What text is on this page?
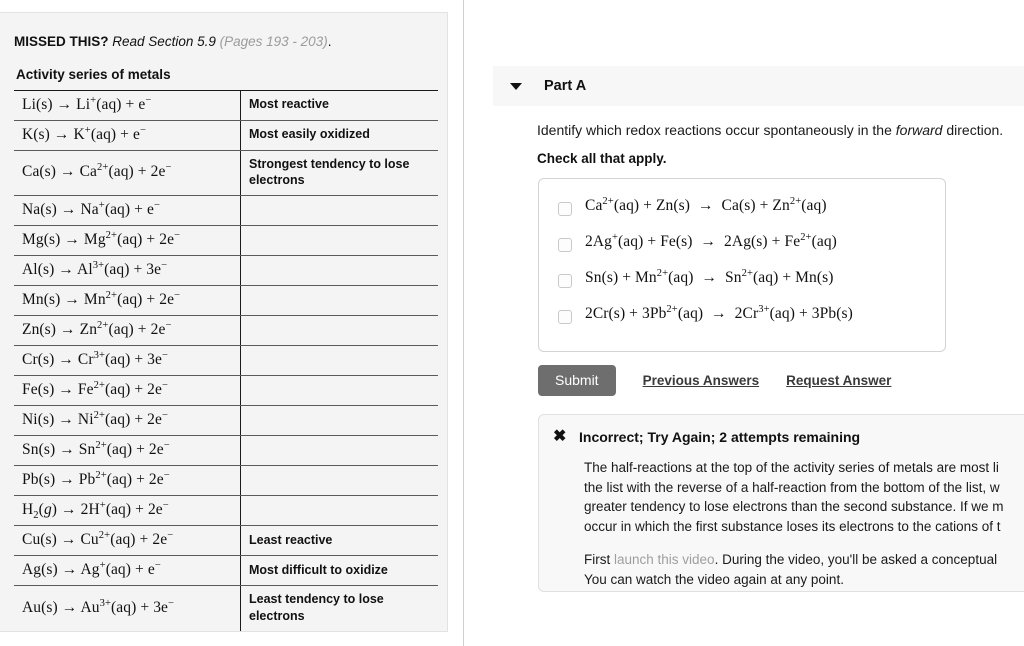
MISSED THIS? Read Section 5.9 (Pages 193 - 203).
Activity series of metals
Li(s) → Li+(aq) + e−	Most reactive
K(s) → K+(aq) + e−	Most easily oxidized
$Ca(s) \to Ca^{2+}(aq) + 2e^-$	Strongest tendency to lose electrons
Na(s) → Na+(aq) + e−	
$Mg(s) \to Mg^{2+}(aq) + 2e^-$	
$Al(s) \to Al^{3+}(aq) + 3e^-$	
$Mn(s) \to Mn^{2+}(aq) + 2e^-$	
$Zn(s) \to Zn^{2+}(aq) + 2e^-$	
$Cr(s) \to Cr^{3+}(aq) + 3e^-$	
$Fe(s) \to Fe^{2+}(aq) + 2e^-$	
$Ni(s) \to Ni^{2+}(aq) + 2e^-$	
$Sn(s) \to Sn^{2+}(aq) + 2e^-$	
$Pb(s) \to Pb^{2+}(aq) + 2e^-$	
$H_2(g) \to 2H^+(aq) + 2e^-$	
$Cu(s) \to Cu^{2+}(aq) + 2e^-$	Least reactive
Ag(s) → Ag+(aq) + e−	Most difficult to oxidize
$Au(s) \to Au^{3+}(aq) + 3e^-$	Least tendency to lose electrons
Part A
Identify which redox reactions occur spontaneously in the forward direction.
Check all that apply.
$Ca^{2+}(aq) + Zn(s) \to Ca(s) + Zn^{2+}(aq)$
$2Ag^+(aq) + Fe(s) \to 2Ag(s) + Fe^{2+}(aq)$
$Sn(s) + Mn^{2+}(aq) \to Sn^{2+}(aq) + Mn(s)$
$2Cr(s) + 3Pb^{2+}(aq) \to 2Cr^{3+}(aq) + 3Pb(s)$
Submit	Previous Answers Request Answer
✖ Incorrect; Try Again; 2 attempts remaining
The half-reactions at the top of the activity series of metals are most li
the list with the reverse of a half-reaction from the bottom of the list, w
greater tendency to lose electrons than the second substance. If we m
occur in which the first substance loses its electrons to the cations of t
First launch this video. During the video, you'll be asked a conceptual
You can watch the video again at any point.
